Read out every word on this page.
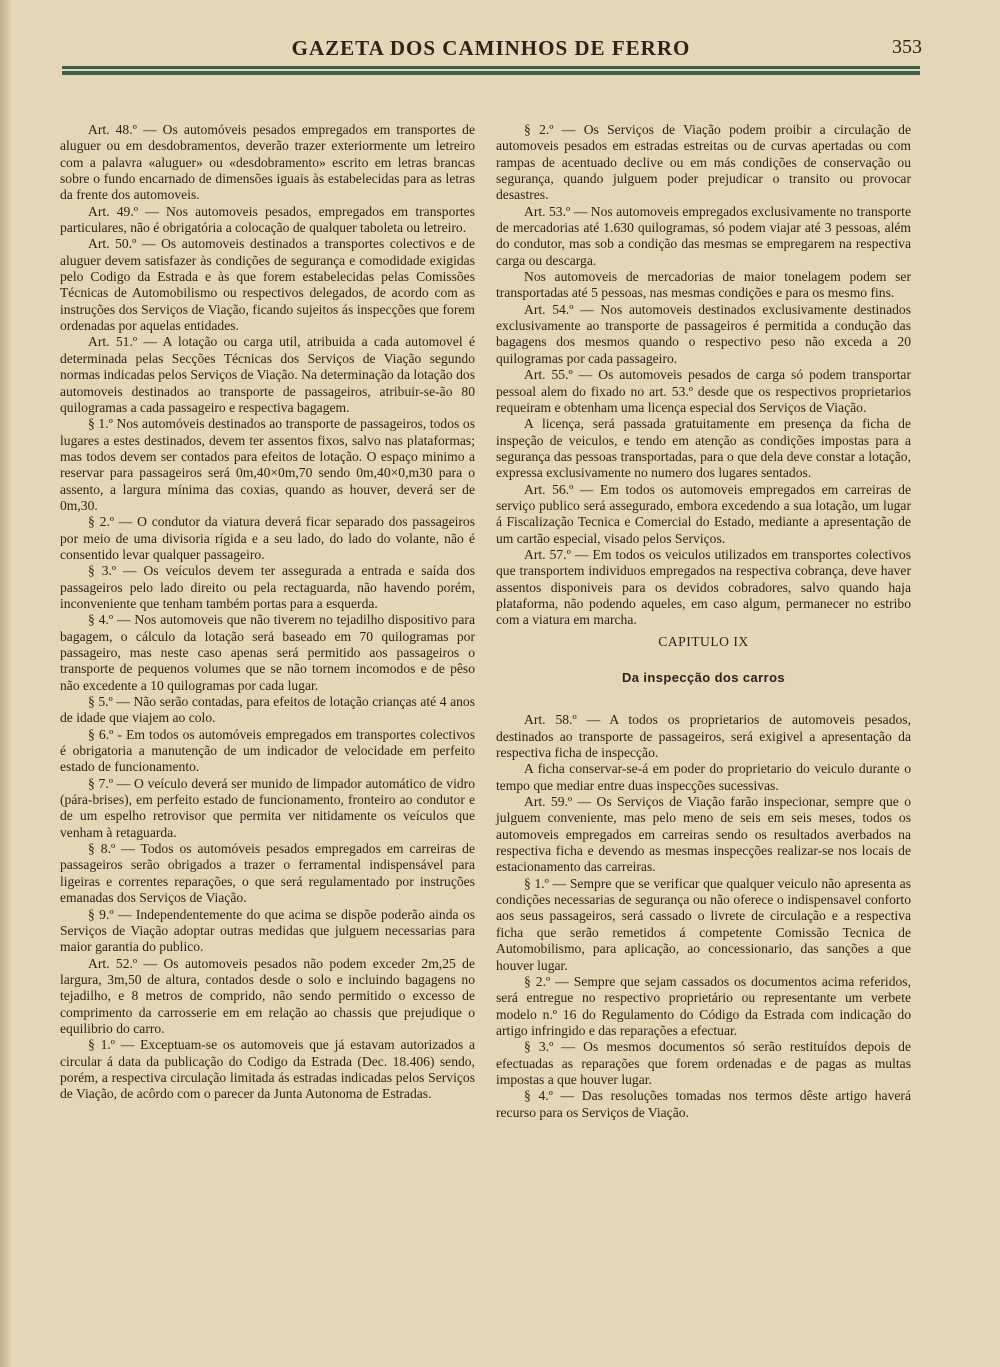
GAZETA DOS CAMINHOS DE FERRO	353

Art. 48.º — Os automóveis pesados empregados em transportes de aluguer ou em desdobramentos, deverão trazer exteriormente um letreiro com a palavra «aluguer» ou «desdobramento» escrito em letras brancas sobre o fundo encarnado de dimensões iguais às estabelecidas para as letras da frente dos automoveis.

Art. 49.º — Nos automoveis pesados, empregados em transportes particulares, não é obrigatória a colocação de qualquer taboleta ou letreiro.

Art. 50.º — Os automoveis destinados a transportes colectivos e de aluguer devem satisfazer às condições de segurança e comodidade exigidas pelo Codigo da Estrada e às que forem estabelecidas pelas Comissões Técnicas de Automobilismo ou respectivos delegados, de acordo com as instruções dos Serviços de Viação, ficando sujeitos ás inspecções que forem ordenadas por aquelas entidades.

Art. 51.º — A lotação ou carga util, atribuida a cada automovel é determinada pelas Secções Técnicas dos Serviços de Viação segundo normas indicadas pelos Serviços de Viação. Na determinação da lotação dos automoveis destinados ao transporte de passageiros, atribuir-se-ão 80 quilogramas a cada passageiro e respectiva bagagem.

§ 1.º Nos automóveis destinados ao transporte de passageiros, todos os lugares a estes destinados, devem ter assentos fixos, salvo nas plataformas; mas todos devem ser contados para efeitos de lotação. O espaço minimo a reservar para passageiros será 0m,40×0m,70 sendo 0m,40×0,m30 para o assento, a largura mínima das coxias, quando as houver, deverá ser de 0m,30.

§ 2.º — O condutor da viatura deverá ficar separado dos passageiros por meio de uma divisoria rígida e a seu lado, do lado do volante, não é consentido levar qualquer passageiro.

§ 3.º — Os veículos devem ter assegurada a entrada e saída dos passageiros pelo lado direito ou pela rectaguarda, não havendo porém, inconveniente que tenham também portas para a esquerda.

§ 4.º — Nos automoveis que não tiverem no tejadilho dispositivo para bagagem, o cálculo da lotação será baseado em 70 quilogramas por passageiro, mas neste caso apenas será permitido aos passageiros o transporte de pequenos volumes que se não tornem incomodos e de pêso não excedente a 10 quilogramas por cada lugar.

§ 5.º — Não serão contadas, para efeitos de lotação crianças até 4 anos de idade que viajem ao colo.

§ 6.º - Em todos os automóveis empregados em transportes colectivos é obrigatoria a manutenção de um indicador de velocidade em perfeito estado de funcionamento.

§ 7.º — O veículo deverá ser munido de limpador automático de vidro (pára-brises), em perfeito estado de funcionamento, fronteiro ao condutor e de um espelho retrovisor que permita ver nitidamente os veículos que venham à retaguarda.

§ 8.º — Todos os automóveis pesados empregados em carreiras de passageiros serão obrigados a trazer o ferramental indispensável para ligeiras e correntes reparações, o que será regulamentado por instruções emanadas dos Serviços de Viação.

§ 9.º — Independentemente do que acima se dispõe poderão ainda os Serviços de Viação adoptar outras medidas que julguem necessarias para maior garantia do publico.

Art. 52.º — Os automoveis pesados não podem exceder 2m,25 de largura, 3m,50 de altura, contados desde o solo e incluindo bagagens no tejadilho, e 8 metros de comprido, não sendo permitido o excesso de comprimento da carrosserie em em relação ao chassis que prejudique o equilibrio do carro.

§ 1.º — Exceptuam-se os automoveis que já estavam autorizados a circular á data da publicação do Codigo da Estrada (Dec. 18.406) sendo, porém, a respectiva circulação limitada ás estradas indicadas pelos Serviços de Viação, de acôrdo com o parecer da Junta Autonoma de Estradas.

§ 2.º — Os Serviços de Viação podem proibir a circulação de automoveis pesados em estradas estreitas ou de curvas apertadas ou com rampas de acentuado declive ou em más condições de conservação ou segurança, quando julguem poder prejudicar o transito ou provocar desastres.

Art. 53.º — Nos automoveis empregados exclusivamente no transporte de mercadorias até 1.630 quilogramas, só podem viajar até 3 pessoas, além do condutor, mas sob a condição das mesmas se empregarem na respectiva carga ou descarga.

Nos automoveis de mercadorias de maior tonelagem podem ser transportadas até 5 pessoas, nas mesmas condições e para os mesmo fins.

Art. 54.º — Nos automoveis destinados exclusivamente destinados exclusivamente ao transporte de passageiros é permitida a condução das bagagens dos mesmos quando o respectivo peso não exceda a 20 quilogramas por cada passageiro.

Art. 55.º — Os automoveis pesados de carga só podem transportar pessoal alem do fixado no art. 53.º desde que os respectivos proprietarios requeiram e obtenham uma licença especial dos Serviços de Viação.

A licença, será passada gratuitamente em presença da ficha de inspeção de veiculos, e tendo em atenção as condições impostas para a segurança das pessoas transportadas, para o que dela deve constar a lotação, expressa exclusivamente no numero dos lugares sentados.

Art. 56.º — Em todos os automoveis empregados em carreiras de serviço publico será assegurado, embora excedendo a sua lotação, um lugar á Fiscalização Tecnica e Comercial do Estado, mediante a apresentação de um cartão especial, visado pelos Serviços.

Art. 57.º — Em todos os veiculos utilizados em transportes colectivos que transportem individuos empregados na respectiva cobrança, deve haver assentos disponiveis para os devidos cobradores, salvo quando haja plataforma, não podendo aqueles, em caso algum, permanecer no estribo com a viatura em marcha.

CAPITULO IX

Da inspecção dos carros

Art. 58.º — A todos os proprietarios de automoveis pesados, destinados ao transporte de passageiros, será exigivel a apresentação da respectiva ficha de inspecção.

A ficha conservar-se-á em poder do proprietario do veiculo durante o tempo que mediar entre duas inspecções sucessivas.

Art. 59.º — Os Serviços de Viação farão inspecionar, sempre que o julguem conveniente, mas pelo meno de seis em seis meses, todos os automoveis empregados em carreiras sendo os resultados averbados na respectiva ficha e devendo as mesmas inspecções realizar-se nos locais de estacionamento das carreiras.

§ 1.º — Sempre que se verificar que qualquer veiculo não apresenta as condições necessarias de segurança ou não oferece o indispensavel conforto aos seus passageiros, será cassado o livrete de circulação e a respectiva ficha que serão remetidos á competente Comissão Tecnica de Automobilismo, para aplicação, ao concessionario, das sanções a que houver lugar.

§ 2.º — Sempre que sejam cassados os documentos acima referidos, será entregue no respectivo proprietário ou representante um verbete modelo n.º 16 do Regulamento do Código da Estrada com indicação do artigo infringido e das reparações a efectuar.

§ 3.º — Os mesmos documentos só serão restituídos depois de efectuadas as reparações que forem ordenadas e de pagas as multas impostas a que houver lugar.

§ 4.º — Das resoluções tomadas nos termos dêste artigo haverá recurso para os Serviços de Viação.
